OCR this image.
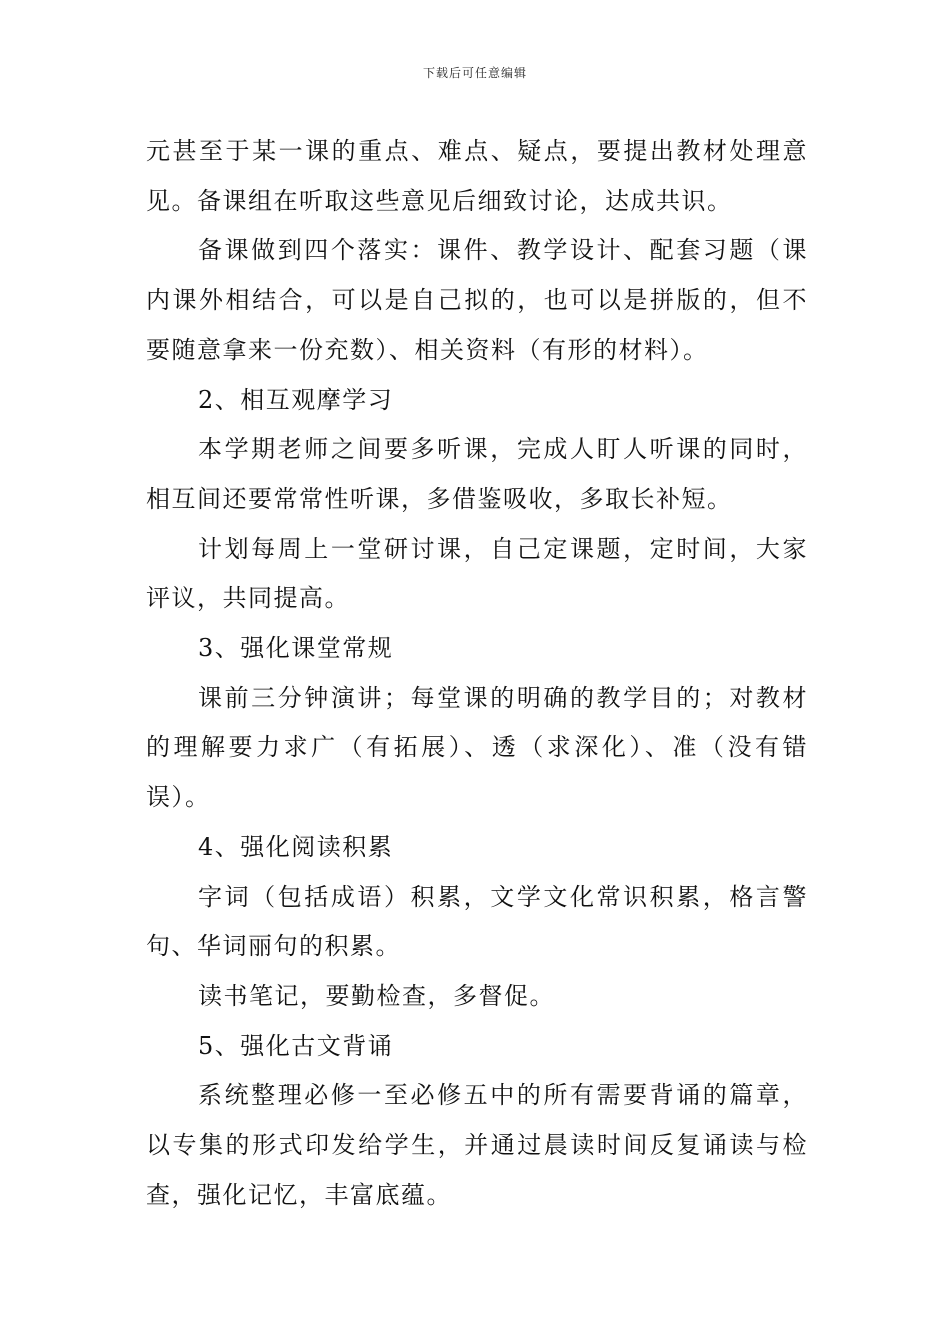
下载后可任意编辑

元甚至于某一课的重点、难点、疑点，要提出教材处理意见。备课组在听取这些意见后细致讨论，达成共识。

备课做到四个落实：课件、教学设计、配套习题（课内课外相结合，可以是自己拟的，也可以是拼版的，但不要随意拿来一份充数）、相关资料（有形的材料）。

2、相互观摩学习

本学期老师之间要多听课，完成人盯人听课的同时，相互间还要常常性听课，多借鉴吸收，多取长补短。

计划每周上一堂研讨课，自己定课题，定时间，大家评议，共同提高。

3、强化课堂常规

课前三分钟演讲；每堂课的明确的教学目的；对教材的理解要力求广（有拓展）、透（求深化）、准（没有错误）。

4、强化阅读积累

字词（包括成语）积累，文学文化常识积累，格言警句、华词丽句的积累。

读书笔记，要勤检查，多督促。

5、强化古文背诵

系统整理必修一至必修五中的所有需要背诵的篇章，以专集的形式印发给学生，并通过晨读时间反复诵读与检查，强化记忆，丰富底蕴。
